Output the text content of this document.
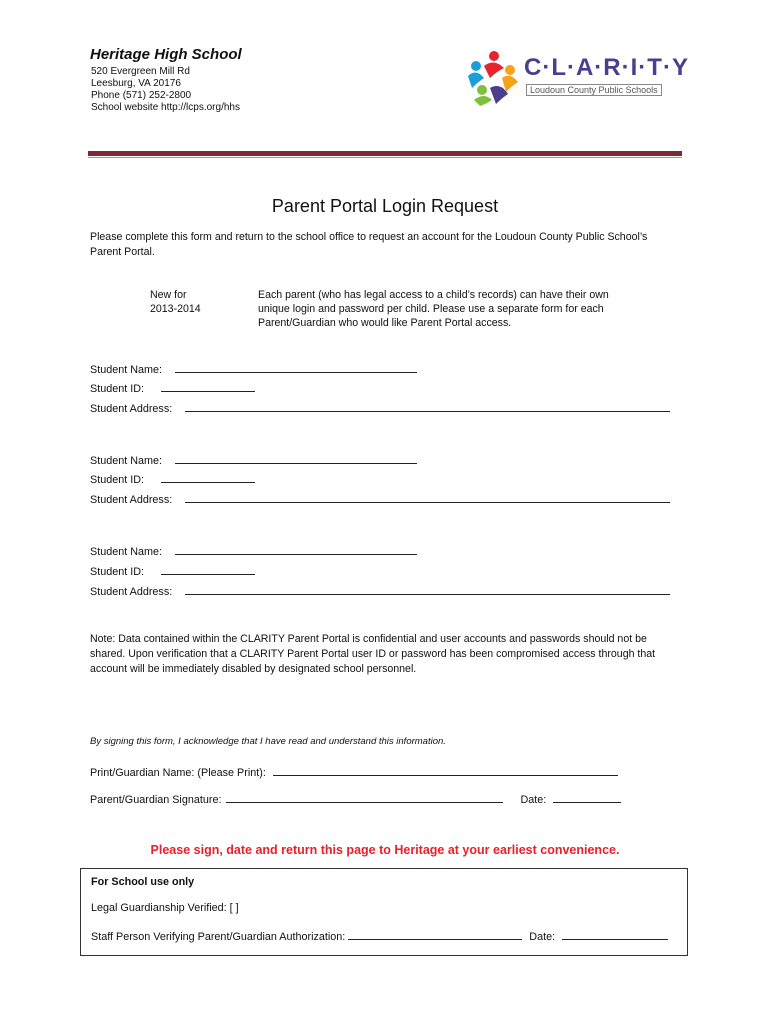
Heritage High School
520 Evergreen Mill Rd
Leesburg, VA 20176
Phone (571) 252-2800
School website http://lcps.org/hhs
C·L·A·R·I·T·Y
Loudoun County Public Schools
Parent Portal Login Request
Please complete this form and return to the school office to request an account for the Loudoun County Public School’s Parent Portal.
New for
2013-2014
Each parent (who has legal access to a child’s records) can have their own unique login and password per child. Please use a separate form for each Parent/Guardian who would like Parent Portal access.
Student Name:
Student ID:
Student Address:
Student Name:
Student ID:
Student Address:
Student Name:
Student ID:
Student Address:
Note: Data contained within the CLARITY Parent Portal is confidential and user accounts and passwords should not be shared. Upon verification that a CLARITY Parent Portal user ID or password has been compromised access through that account will be immediately disabled by designated school personnel.
By signing this form, I acknowledge that I have read and understand this information.
Print/Guardian Name: (Please Print):
Parent/Guardian Signature:	Date:
Please sign, date and return this page to Heritage at your earliest convenience.
For School use only
Legal Guardianship Verified: [ ]
Staff Person Verifying Parent/Guardian Authorization:	Date:
